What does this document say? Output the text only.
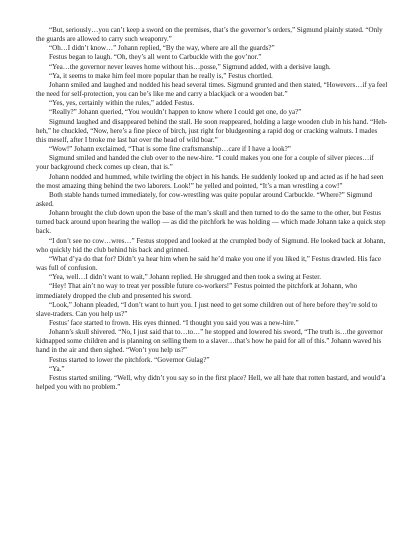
“But, seriously…you can’t keep a sword on the premises, that’s the governor’s orders,” Sigmund plainly stated. “Only the guards are allowed to carry such weaponry.”

“Oh…I didn’t know…” Johann replied, “By the way, where are all the guards?”

Festus began to laugh. “Oh, they’s all went to Carbuckle with the gov’nor.”

“Yea…the governor never leaves home without his…posse,” Sigmund added, with a derisive laugh.

“Ya, it seems to make him feel more popular than he really is,” Festus chortled.

Johann smiled and laughed and nodded his head several times. Sigmund grunted and then stated, “Howevers…if ya feel the need for self-protection, you can be’s like me and carry a blackjack or a wooden bat.”

“Yes, yes, certainly within the rules,” added Festus.

“Really?” Johann queried, “You wouldn’t happen to know where I could get one, do ya?”

Sigmund laughed and disappeared behind the stall. He soon reappeared, holding a large wooden club in his hand. “Heh-heh,” he chuckled, “Now, here’s a fine piece of birch, just right for bludgeoning a rapid dog or cracking walnuts. I mades this meself, after I broke me last bat over the head of wild boar.”

“Wow!” Johann exclaimed, “That is some fine craftsmanship…care if I have a look?”

Sigmund smiled and handed the club over to the new-hire. “I could makes you one for a couple of silver pieces…if your background check comes up clean, that is.”

Johann nodded and hummed, while twirling the object in his hands. He suddenly looked up and acted as if he had seen the most amazing thing behind the two laborers. Look!” he yelled and pointed, “It’s a man wrestling a cow!”

Both stable hands turned immediately, for cow-wrestling was quite popular around Carbuckle. “Where?” Sigmund asked.

Johann brought the club down upon the base of the man’s skull and then turned to do the same to the other, but Festus turned back around upon hearing the wallop — as did the pitchfork he was holding — which made Johann take a quick step back.

“I don’t see no cow…wres…” Festus stopped and looked at the crumpled body of Sigmund. He looked back at Johann, who quickly hid the club behind his back and grinned.

“What d’ya do that for? Didn’t ya hear him when he said he’d make you one if you liked it,” Festus drawled. His face was full of confusion.

“Yea, well…I didn’t want to wait,” Johann replied. He shrugged and then took a swing at Fester.

“Hey! That ain’t no way to treat yer possible future co-workers!” Festus pointed the pitchfork at Johann, who immediately dropped the club and presented his sword.

“Look,” Johann pleaded, “I don’t want to hurt you. I just need to get some children out of here before they’re sold to slave-traders. Can you help us?”

Festus’ face started to frown. His eyes thinned. “I thought you said you was a new-hire.”

Johann’s skull shivered. “No, I just said that to…to…” he stopped and lowered his sword, “The truth is…the governor kidnapped some children and is planning on selling them to a slaver…that’s how he paid for all of this.” Johann waved his hand in the air and then sighed. “Won’t you help us?”

Festus started to lower the pitchfork. “Governor Gulag?”

“Ya.”

Festus started smiling. “Well, why didn’t you say so in the first place? Hell, we all hate that rotten bastard, and would’a helped you with no problem.”
